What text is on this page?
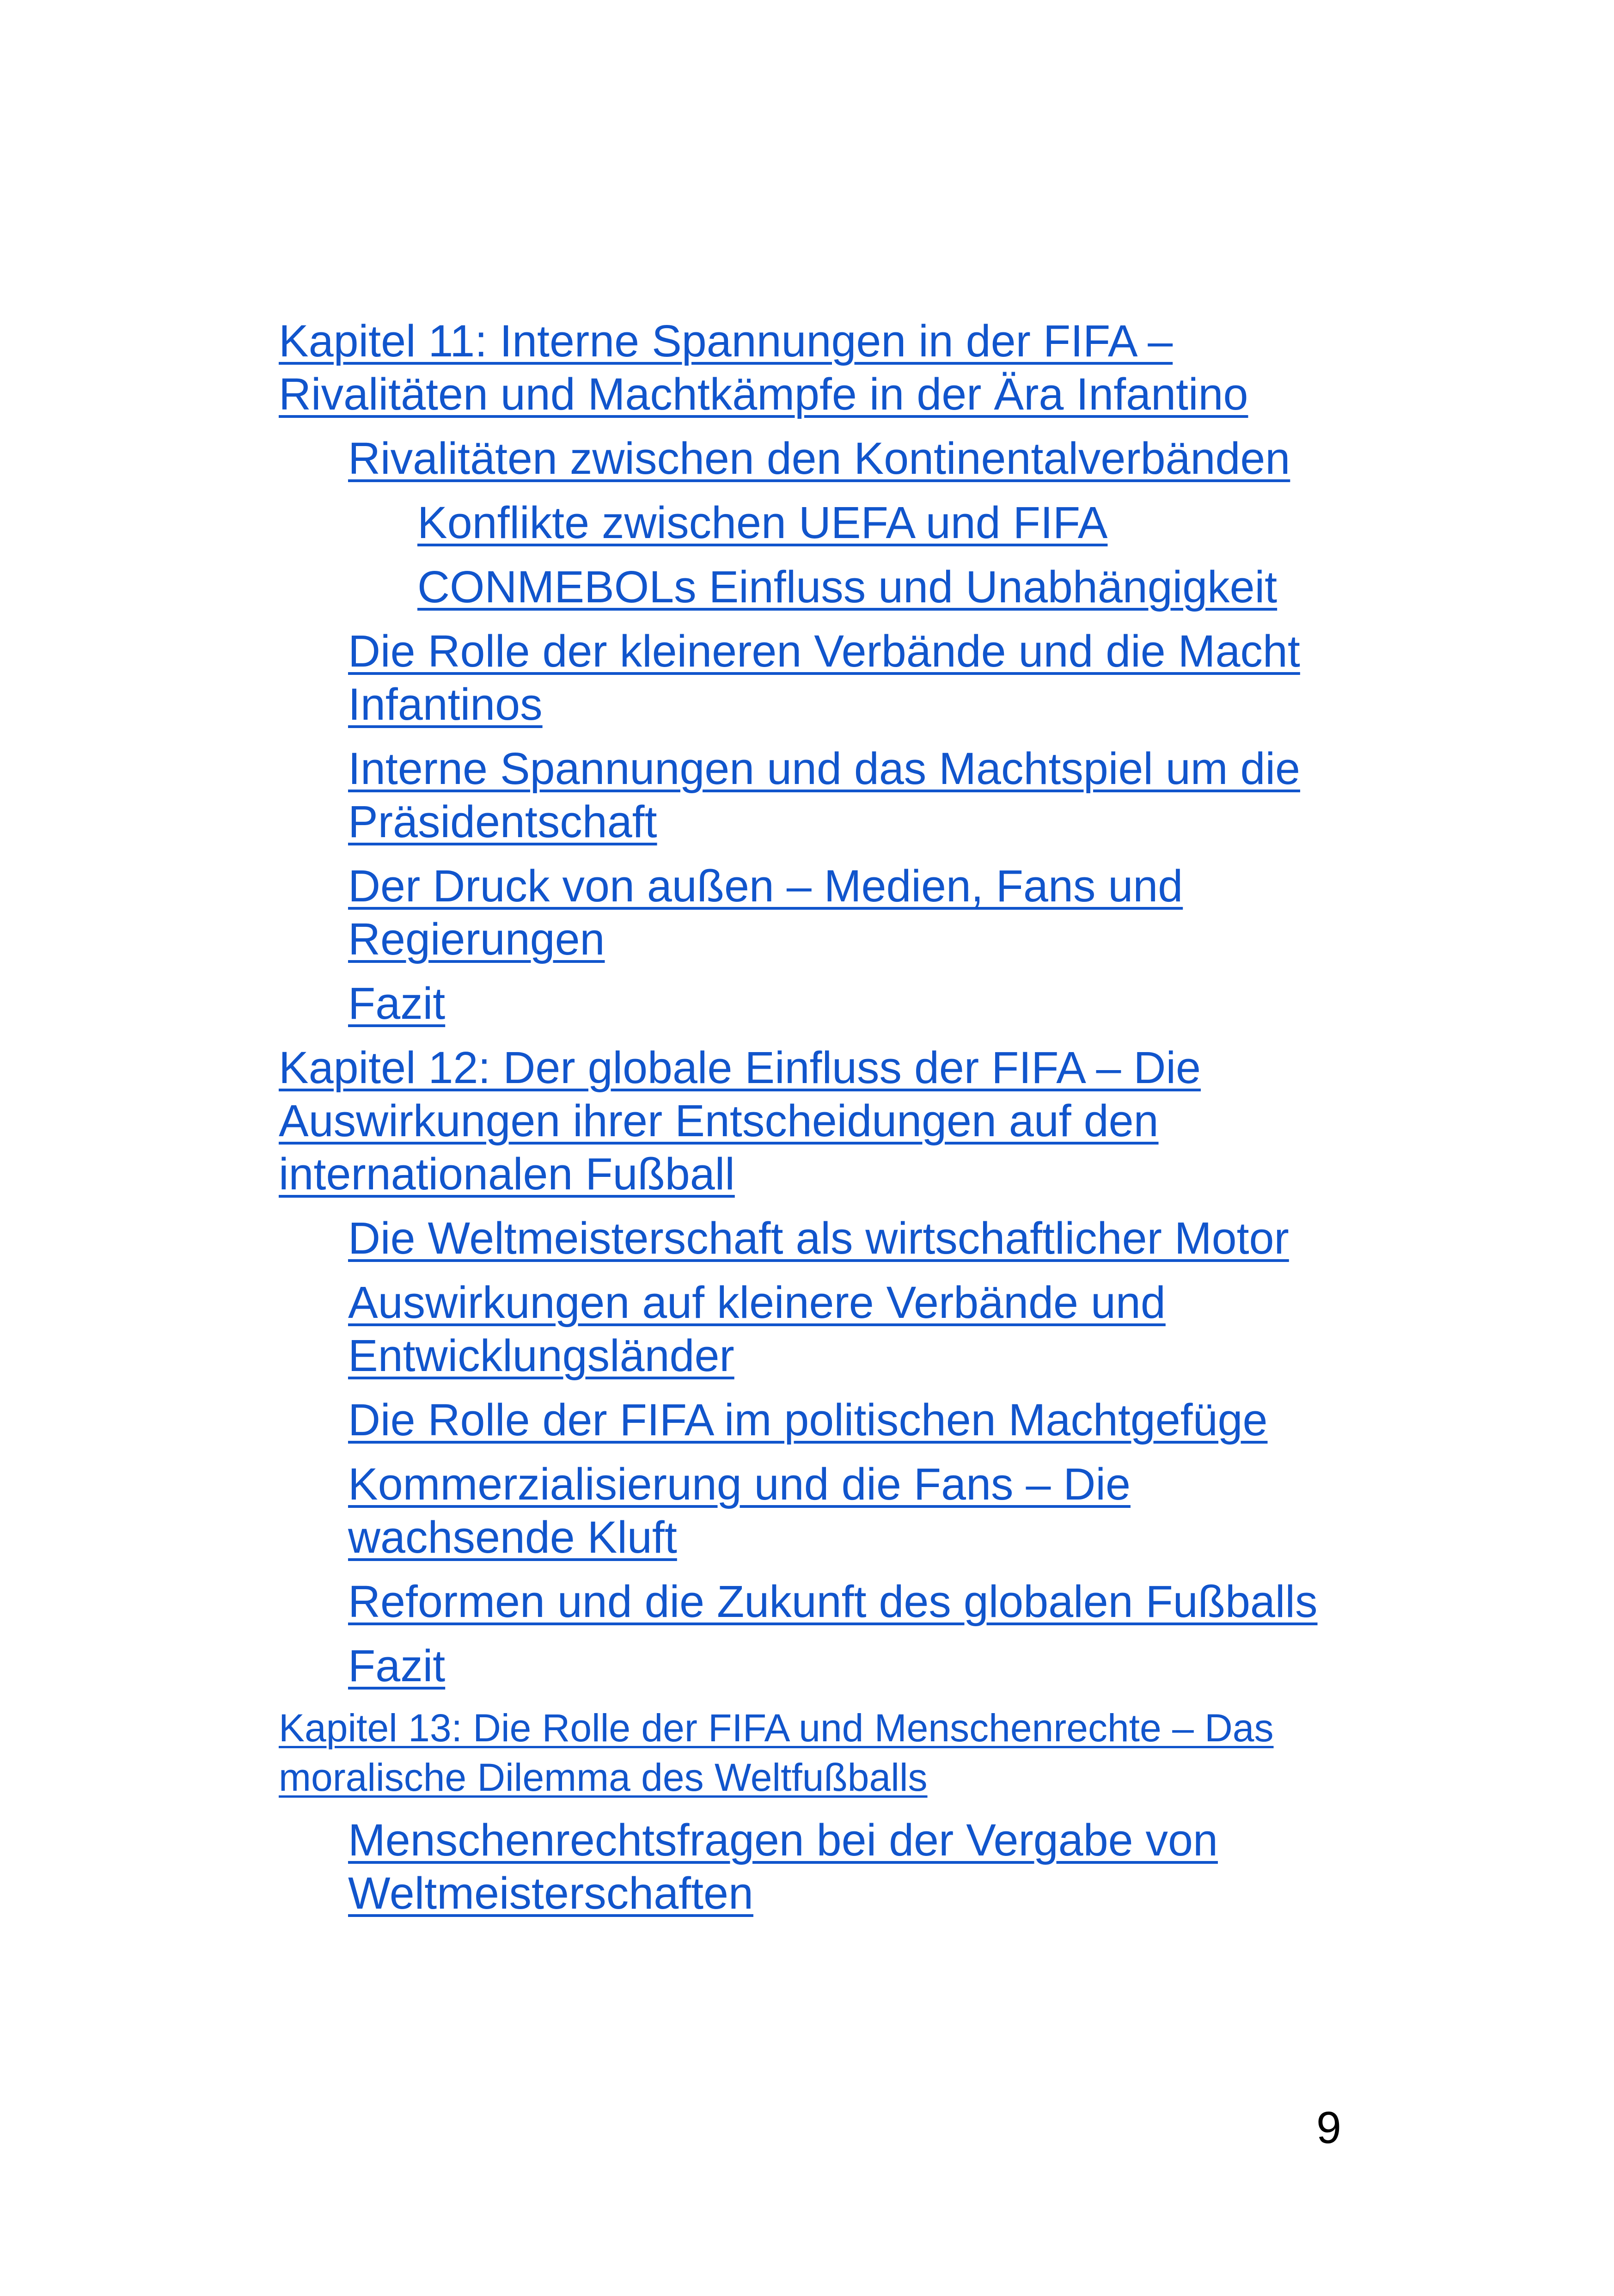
Kapitel 11: Interne Spannungen in der FIFA – Rivalitäten und Machtkämpfe in der Ära Infantino
Rivalitäten zwischen den Kontinentalverbänden
Konflikte zwischen UEFA und FIFA
CONMEBOLs Einfluss und Unabhängigkeit
Die Rolle der kleineren Verbände und die Macht Infantinos
Interne Spannungen und das Machtspiel um die Präsidentschaft
Der Druck von außen – Medien, Fans und Regierungen
Fazit
Kapitel 12: Der globale Einfluss der FIFA – Die Auswirkungen ihrer Entscheidungen auf den internationalen Fußball
Die Weltmeisterschaft als wirtschaftlicher Motor
Auswirkungen auf kleinere Verbände und Entwicklungsländer
Die Rolle der FIFA im politischen Machtgefüge
Kommerzialisierung und die Fans – Die wachsende Kluft
Reformen und die Zukunft des globalen Fußballs
Fazit
Kapitel 13: Die Rolle der FIFA und Menschenrechte – Das moralische Dilemma des Weltfußballs
Menschenrechtsfragen bei der Vergabe von Weltmeisterschaften
9
